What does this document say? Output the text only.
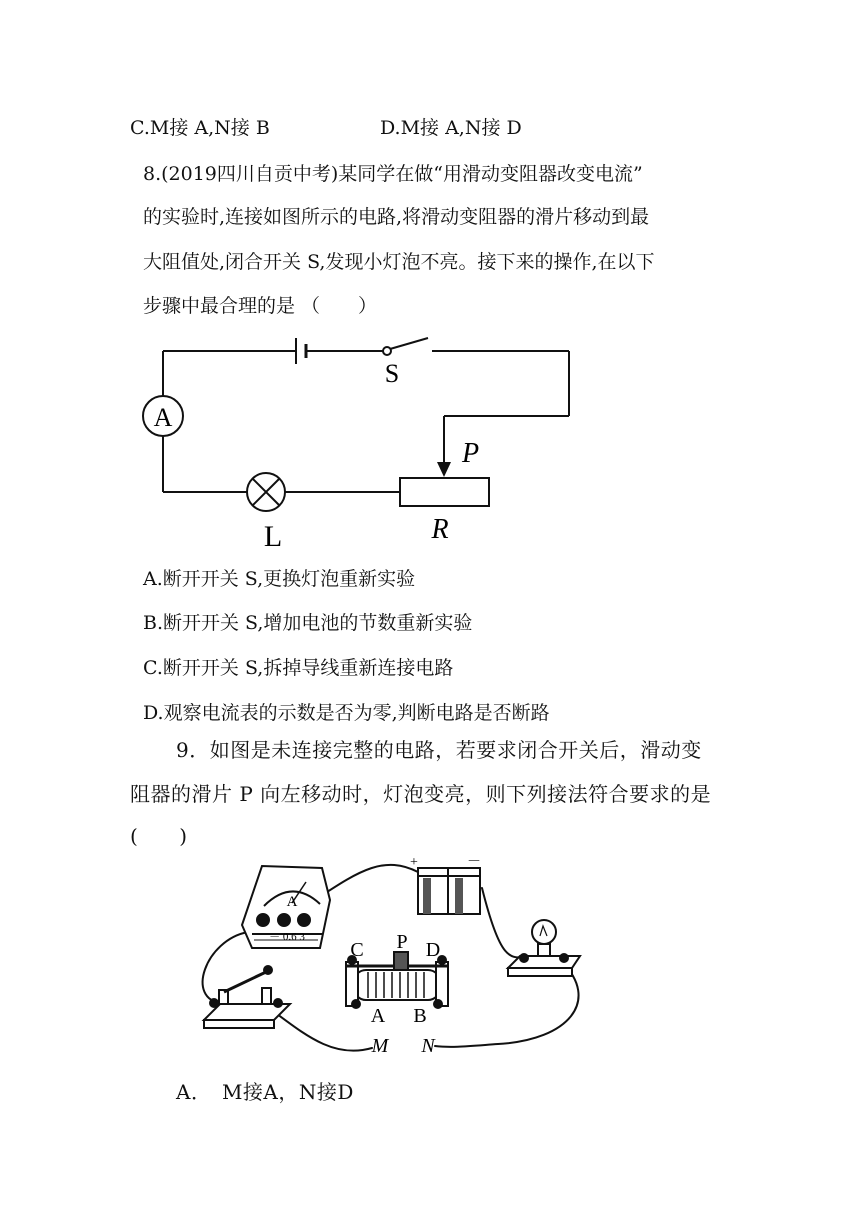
C.M接 A,N接 B	D.M接 A,N接 D
8.(2019四川自贡中考)某同学在做“用滑动变阻器改变电流”
的实验时,连接如图所示的电路,将滑动变阻器的滑片移动到最
大阻值处,闭合开关 S,发现小灯泡不亮。接下来的操作,在以下
步骤中最合理的是 （　　）
A
S
P
R
L
A.断开开关 S,更换灯泡重新实验
B.断开开关 S,增加电池的节数重新实验
C.断开开关 S,拆掉导线重新连接电路
D.观察电流表的示数是否为零,判断电路是否断路
9．如图是未连接完整的电路，若要求闭合开关后，滑动变
阻器的滑片 P 向左移动时，灯泡变亮，则下列接法符合要求的是
(　　)
A
－ 0.6 3
+	－
C P D
A B
M N
A．　M接A，N接D
